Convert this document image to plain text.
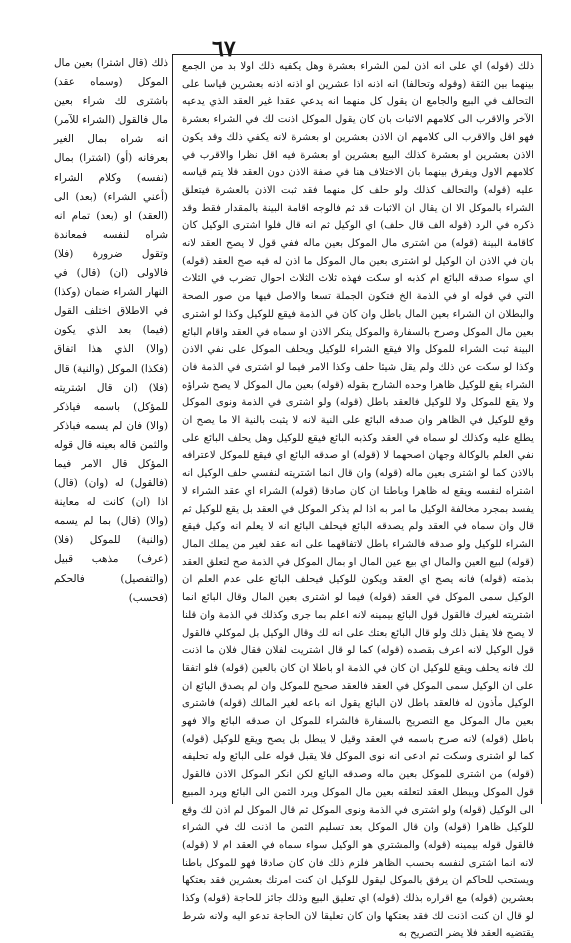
٦٧

ذلك (قال اشترا) بعين مال الموكل (وسماه عقد) باشترى لك شراء بعين مال فالقول (الشراء للآمر) انه شراه بمال الغير بعرفانه (أو) (اشترا) بمال (نفسه) وكلام الشراء (أعني الشراء) (بعد) الى (العقد) او (بعد) تمام انه شراه لنفسه فمعاندة وتقول ضرورة (فلا) فالاولى (ان) (قال) في النهار الشراء ضمان (وكذا) في الاطلاق اختلف القول (فيما) بعد الذي يكون (والا) الذي هذا اتفاق (فكذا) الموكل (والنية) قال (فلا) (ان قال اشتريته للمؤكل) باسمه فياذكر (والا) فان لم يسمه فباذكر والثمن قاله بعينه قال قوله المؤكل قال الامر فيما (فالقول) له (وان) (قال) اذا (ان) كانت له معاينة (والا) (قال) بما لم يسمه (والنية) للموكل (فلا) (عرف) مذهب قبيل (والتفصيل) فالحكم (فحسب)

ذلك (قوله) اي على انه اذن لمن الشراء بعشرة وهل يكفيه ذلك اولا بد من الجمع بينهما بين الثقة (وقوله وتحالفا) انه اذنه اذا عشرين او اذنه اذنه بعشرين قياسا على التحالف في البيع والجامع ان يقول كل منهما انه يدعي عقدا غير العقد الذي يدعيه الآخر والاقرب الى كلامهم الاثبات بان كان يقول الموكل اذنت لك في الشراء بعشرة فهو اقل والاقرب الى كلامهم ان الاذن بعشرين او بعشرة لانه يكفي ذلك وقد يكون الاذن بعشرين او بعشرة كذلك البيع بعشرين او بعشرة فيه اقل نظرا والاقرب في كلامهم الاول ويفرق بينهما بان الاختلاف هنا في صفة الاذن دون العقد فلا يتم قياسه عليه (قوله) والتحالف كذلك ولو حلف كل منهما فقد ثبت الاذن بالعشرة فيتعلق الشراء بالموكل الا ان يقال ان الاثبات قد ثم فالوجه اقامة البينة بالمقدار فقط وقد ذكره في الرد (قوله الف قال حلف) اي الوكيل ثم انه قال فلوا اشترى الوكيل كان كاقامة البينة (قوله) من اشترى مال الموكل بعين ماله ففي قول لا يصح العقد لانه بان في الاذن ان الوكيل لو اشترى بعين مال الموكل ما اذن له فيه صح العقد (قوله) اي سواء صدقه البائع ام كذبه او سكت فهذه ثلاث الثلاث احوال تضرب في الثلاث التي في قوله او في الذمة الخ فتكون الجملة تسعا والاصل فيها من صور الصحة والبطلان ان الشراء بعين المال باطل وان كان في الذمة فيقع للوكيل وكذا لو اشترى بعين مال الموكل وصرح بالسفارة والموكل ينكر الاذن او سماه في العقد واقام البائع البينة ثبت الشراء للموكل والا فيقع الشراء للوكيل ويحلف الموكل على نفي الاذن وكذا لو سكت عن ذلك ولم يقل شيئا حلف وكذا الامر فيما لو اشترى في الذمة فان الشراء يقع للوكيل ظاهرا وحده الشارح بقوله (قوله) بعين مال الموكل لا يصح شراؤه ولا يقع للموكل ولا للوكيل فالعقد باطل (قوله) ولو اشترى في الذمة ونوى الموكل وقع للوكيل في الظاهر وان صدقه البائع على النية لانه لا يثبت بالنية الا ما يصح ان يطلع عليه وكذلك لو سماه في العقد وكذبه البائع فيقع للوكيل وهل يحلف البائع على نفي العلم بالوكالة وجهان اصحهما لا (قوله) او صدقه البائع اي فيقع للموكل لاعترافه بالاذن كما لو اشترى بعين ماله (قوله) وان قال انما اشتريته لنفسي حلف الوكيل انه اشتراه لنفسه ويقع له ظاهرا وباطنا ان كان صادقا (قوله) الشراء اي عقد الشراء لا يفسد بمجرد مخالفة الوكيل ما امر به اذا لم يذكر الموكل في العقد بل يقع للوكيل ثم قال وان سماه في العقد ولم يصدقه البائع فيحلف البائع انه لا يعلم انه وكيل فيقع الشراء للوكيل ولو صدقه فالشراء باطل لاتفاقهما على انه عقد لغير من يملك المال (قوله) لبيع العين والمال اي بيع عين المال او بمال الموكل في الذمة صح لتعلق العقد بذمته (قوله) فانه يصح اي العقد ويكون للوكيل فيحلف البائع على عدم العلم ان الوكيل سمى الموكل في العقد (قوله) فيما لو اشترى بعين المال وقال البائع انما اشتريته لغيرك فالقول قول البائع بيمينه لانه اعلم بما جرى وكذلك في الذمة وان قلنا لا يصح فلا يقبل ذلك ولو قال البائع بعتك على انه لك وقال الوكيل بل لموكلي فالقول قول الوكيل لانه اعرف بقصده (قوله) كما لو قال اشتريت لفلان فقال فلان ما اذنت لك فانه يحلف ويقع للوكيل ان كان في الذمة او باطلا ان كان بالعين (قوله) فلو اتفقا على ان الوكيل سمى الموكل في العقد فالعقد صحيح للموكل وان لم يصدق البائع ان الوكيل مأذون له فالعقد باطل لان البائع يقول انه باعه لغير المالك (قوله) فاشترى بعين مال الموكل مع التصريح بالسفارة فالشراء للموكل ان صدقه البائع والا فهو باطل (قوله) لانه صرح باسمه في العقد وقيل لا يبطل بل يصح ويقع للوكيل (قوله) كما لو اشترى وسكت ثم ادعى انه نوى الموكل فلا يقبل قوله على البائع وله تحليفه (قوله) من اشترى للموكل بعين ماله وصدقه البائع لكن انكر الموكل الاذن فالقول قول الموكل ويبطل العقد لتعلقه بعين مال الموكل ويرد الثمن الى البائع ويرد المبيع الى الوكيل (قوله) ولو اشترى في الذمة ونوى الموكل ثم قال الموكل لم اذن لك وقع للوكيل ظاهرا (قوله) وان قال الموكل بعد تسليم الثمن ما اذنت لك في الشراء فالقول قوله بيمينه (قوله) والمشتري هو الوكيل سواء سماه في العقد ام لا (قوله) لانه انما اشترى لنفسه بحسب الظاهر فلزم ذلك فان كان صادقا فهو للموكل باطنا ويستحب للحاكم ان يرفق بالموكل ليقول للوكيل ان كنت امرتك بعشرين فقد بعتكها بعشرين (قوله) مع اقراره بذلك (قوله) اي تعليق البيع وذلك جائز للحاجة (قوله) وكذا لو قال ان كنت اذنت لك فقد بعتكها وان كان تعليقا لان الحاجة تدعو اليه ولانه شرط يقتضيه العقد فلا يضر التصريح به
